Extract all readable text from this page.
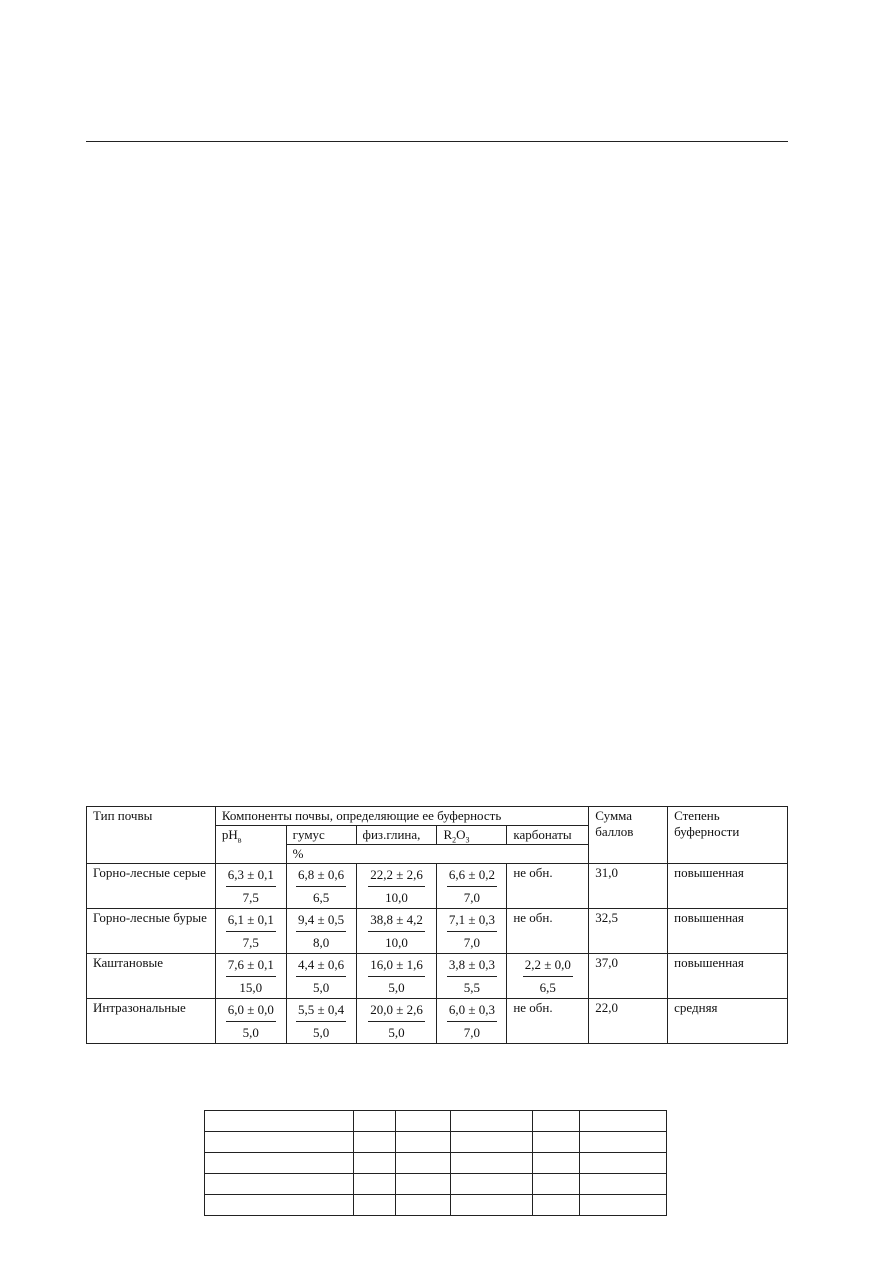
Тип почвы	Компоненты почвы, определяющие ее буферность					Сумма баллов	Степень буферности
	$pH_в$	гумус	физ.глина,	$R_2O_3$	карбонаты		
		%					
Горно-лесные серые	$\frac{6,3 \pm 0,1}{7,5}$	$\frac{6,8 \pm 0,6}{6,5}$	$\frac{22,2 \pm 2,6}{10,0}$	$\frac{6,6 \pm 0,2}{7,0}$	не обн.	31,0	повышенная
Горно-лесные бурые	$\frac{6,1 \pm 0,1}{7,5}$	$\frac{9,4 \pm 0,5}{8,0}$	$\frac{38,8 \pm 4,2}{10,0}$	$\frac{7,1 \pm 0,3}{7,0}$	не обн.	32,5	повышенная
Каштановые	$\frac{7,6 \pm 0,1}{15,0}$	$\frac{4,4 \pm 0,6}{5,0}$	$\frac{16,0 \pm 1,6}{5,0}$	$\frac{3,8 \pm 0,3}{5,5}$	$\frac{2,2 \pm 0,0}{6,5}$	37,0	повышенная
Интразональные	$\frac{6,0 \pm 0,0}{5,0}$	$\frac{5,5 \pm 0,4}{5,0}$	$\frac{20,0 \pm 2,6}{5,0}$	$\frac{6,0 \pm 0,3}{7,0}$	не обн.	22,0	средняя
